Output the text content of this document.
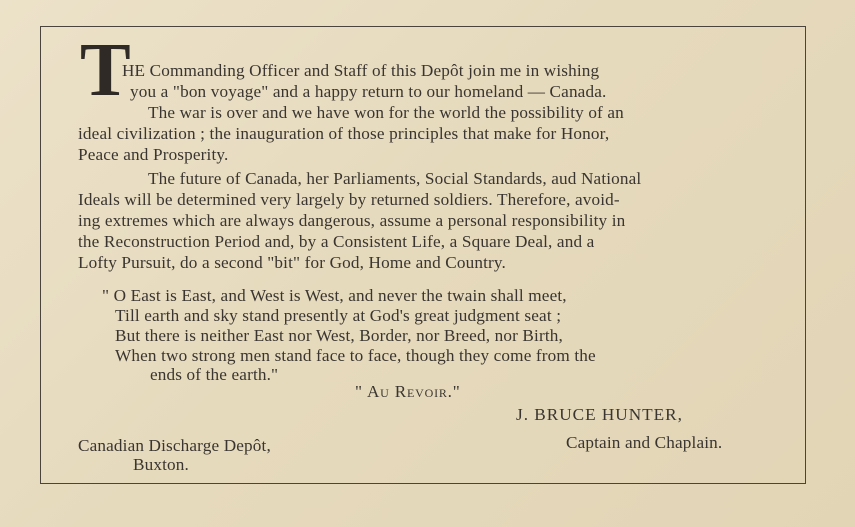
T
HE Commanding Officer and Staff of this Depôt join me in wishing
you a "bon voyage" and a happy return to our homeland — Canada.
The war is over and we have won for the world the possibility of an
ideal civilization ; the inauguration of those principles that make for Honor,
Peace and Prosperity.
The future of Canada, her Parliaments, Social Standards, aud National
Ideals will be determined very largely by returned soldiers. Therefore, avoid-
ing extremes which are always dangerous, assume a personal responsibility in
the Reconstruction Period and, by a Consistent Life, a Square Deal, and a
Lofty Pursuit, do a second "bit" for God, Home and Country.
" O East is East, and West is West, and never the twain shall meet,
Till earth and sky stand presently at God's great judgment seat ;
But there is neither East nor West, Border, nor Breed, nor Birth,
When two strong men stand face to face, though they come from the
ends of the earth."
" Au Revoir."
J. BRUCE HUNTER,
Captain and Chaplain.
Canadian Discharge Depôt,
Buxton.
